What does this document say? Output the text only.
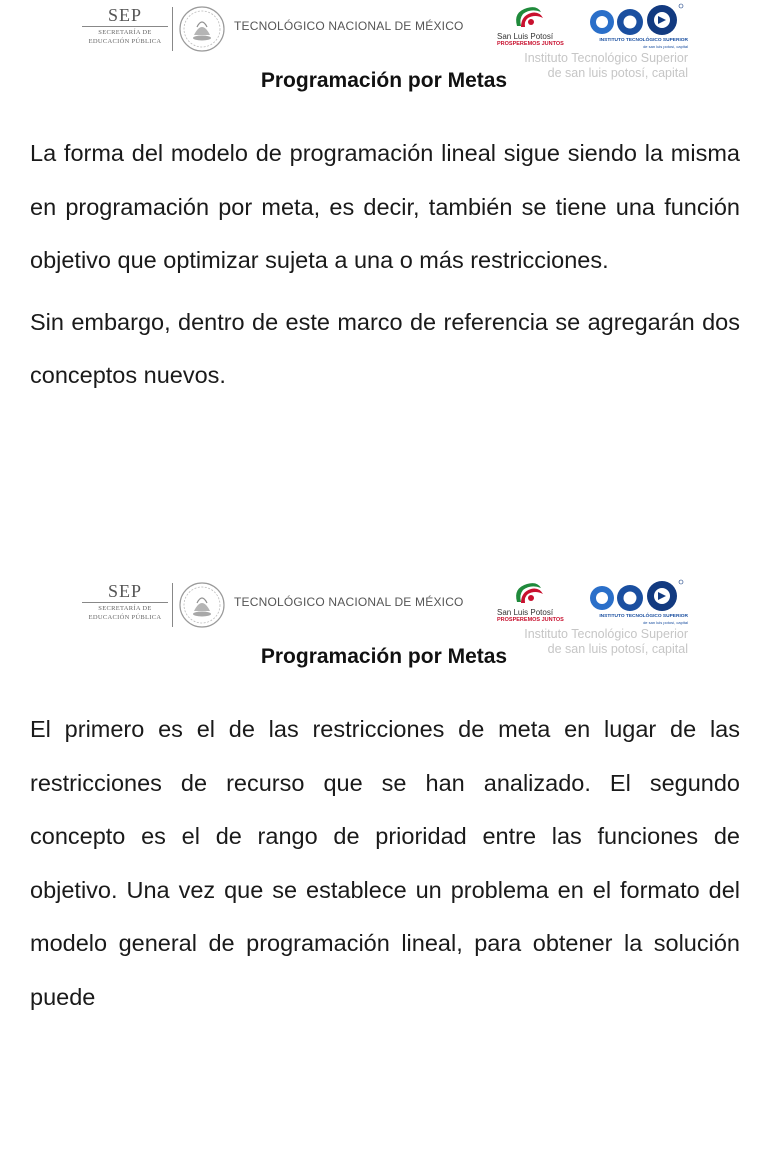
SEP
SECRETARÍA DE
EDUCACIÓN PÚBLICA
TECNOLÓGICO NACIONAL DE MÉXICO
San Luis Potosí
PROSPEREMOS JUNTOS
INSTITUTO TECNOLÓGICO SUPERIOR
de san luis potosí, capital
Instituto Tecnológico Superior
de san luis potosí, capital
Programación por Metas

La forma del modelo de programación lineal sigue siendo la misma en programación por meta, es decir, también se tiene una función objetivo que optimizar sujeta a una o más restricciones.

Sin embargo, dentro de este marco de referencia se agregarán dos conceptos nuevos.

SEP
SECRETARÍA DE
EDUCACIÓN PÚBLICA
TECNOLÓGICO NACIONAL DE MÉXICO
San Luis Potosí
PROSPEREMOS JUNTOS
INSTITUTO TECNOLÓGICO SUPERIOR
de san luis potosí, capital
Instituto Tecnológico Superior
de san luis potosí, capital
Programación por Metas

El primero es el de las restricciones de meta en lugar de las restricciones de recurso que se han analizado. El segundo concepto es el de rango de prioridad entre las funciones de objetivo. Una vez que se establece un problema en el formato del modelo general de programación lineal, para obtener la solución puede
